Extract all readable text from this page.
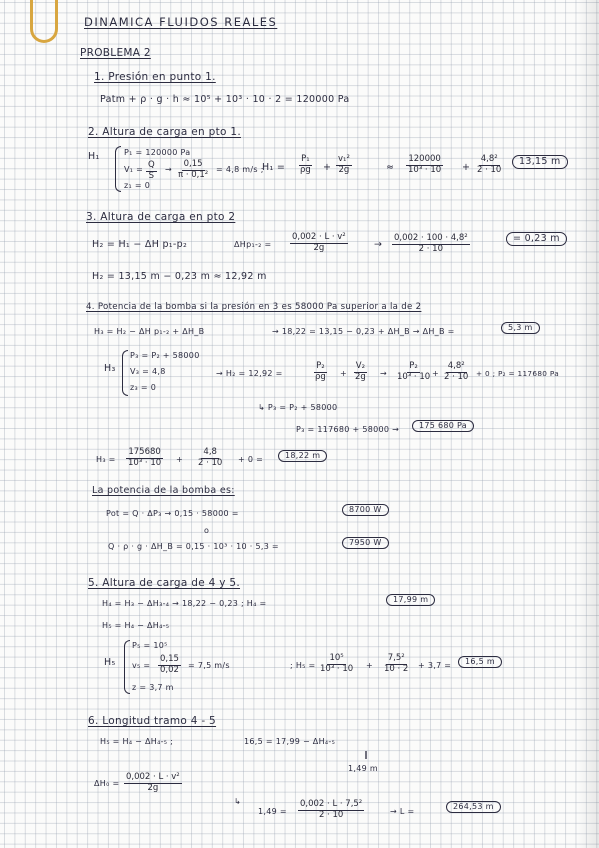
DINAMICA FLUIDOS REALES
PROBLEMA 2
1. Presión en punto 1.
Patm + ρ · g · h ≈ 10⁵ + 10³ · 10 · 2 = 120000 Pa
2. Altura de carga en pto 1.
H₁	P₁ = 120000 Pa
$V_1 = \frac{Q}{S} \to \frac{0,15}{\text{π · 0,1²}} = 4,8$ m/s ;
z₁ = 0
$H_1 = \frac{\text{P₁}}{\rho g} + \frac{\text{v₁²}}{2g}$	≈ $\frac{120000}{\text{10³ · 10}} + \frac{\text{4,8²}}{2 \cdot 10}$	13,15 m
3. Altura de carga en pto 2
H₂ = H₁ − ΔH p₁-p₂	$\Delta Hp_1-_2 = \frac{\text{0,002 · L · v²}}{2g}$	→ $\frac{\text{0,002 · 100 · 4,8²}}{2 \cdot 10}$	= 0,23 m
H₂ = 13,15 m − 0,23 m ≈ 12,92 m
4. Potencia de la bomba si la presión en 3 es 58000 Pa superior a la de 2
H₃ = H₂ − ΔH p₁-₂ + ΔH_B	→ 18,22 = 13,15 − 0,23 + ΔH_B → ΔH_B =	5,3 m
H₃
P₃ = P₂ + 58000
V₃ = 4,8
z₃ = 0
→ H₂ = 12,92 =	$\frac{\text{P₂}}{\rho g} + \frac{\text{V₂}}{2g} \to \frac{\text{P₂}}{\text{10³ · 10}} + \frac{\text{4,8²}}{2 \cdot 10} + 0$ ; P₂ = 117680 Pa
↳ P₃ = P₂ + 58000
P₃ = 117680 + 58000 →	175 680 Pa
$H_3 = \frac{175680}{\text{10³ · 10}} + \frac{4,8}{2 \cdot 10} + 0$ =	18,22 m
La potencia de la bomba es:
Pot = Q · ΔP₃ → 0,15 · 58000 =	8700 W
o
Q · ρ · g · ΔH_B = 0,15 · 10³ · 10 · 5,3 =	7950 W
5. Altura de carga de 4 y 5.
H₄ = H₃ − ΔH₃-₄ → 18,22 − 0,23 ; H₄ =	17,99 m
H₅ = H₄ − ΔH₄-₅
H₅
P₅ = 10⁵
$v_5 = \frac{0,15}{0,02} = 7,5$ m/s
z = 3,7 m
; $H_5 = \frac{\text{10⁵}}{\text{10³ · 10}} + \frac{\text{7,5²}}{10 \cdot 2} + 3,7$ =	16,5 m
6. Longitud tramo 4 - 5
H₅ = H₄ − ΔH₄-₅ ;	16,5 = 17,99 − ΔH₄-₅
‖
1,49 m
$\Delta H_0 = \frac{\text{0,002 · L · v²}}{2g}$
↳
$1,49 = \frac{\text{0,002 · L · 7,5²}}{2 \cdot 10}$	→ L =
264,53 m
